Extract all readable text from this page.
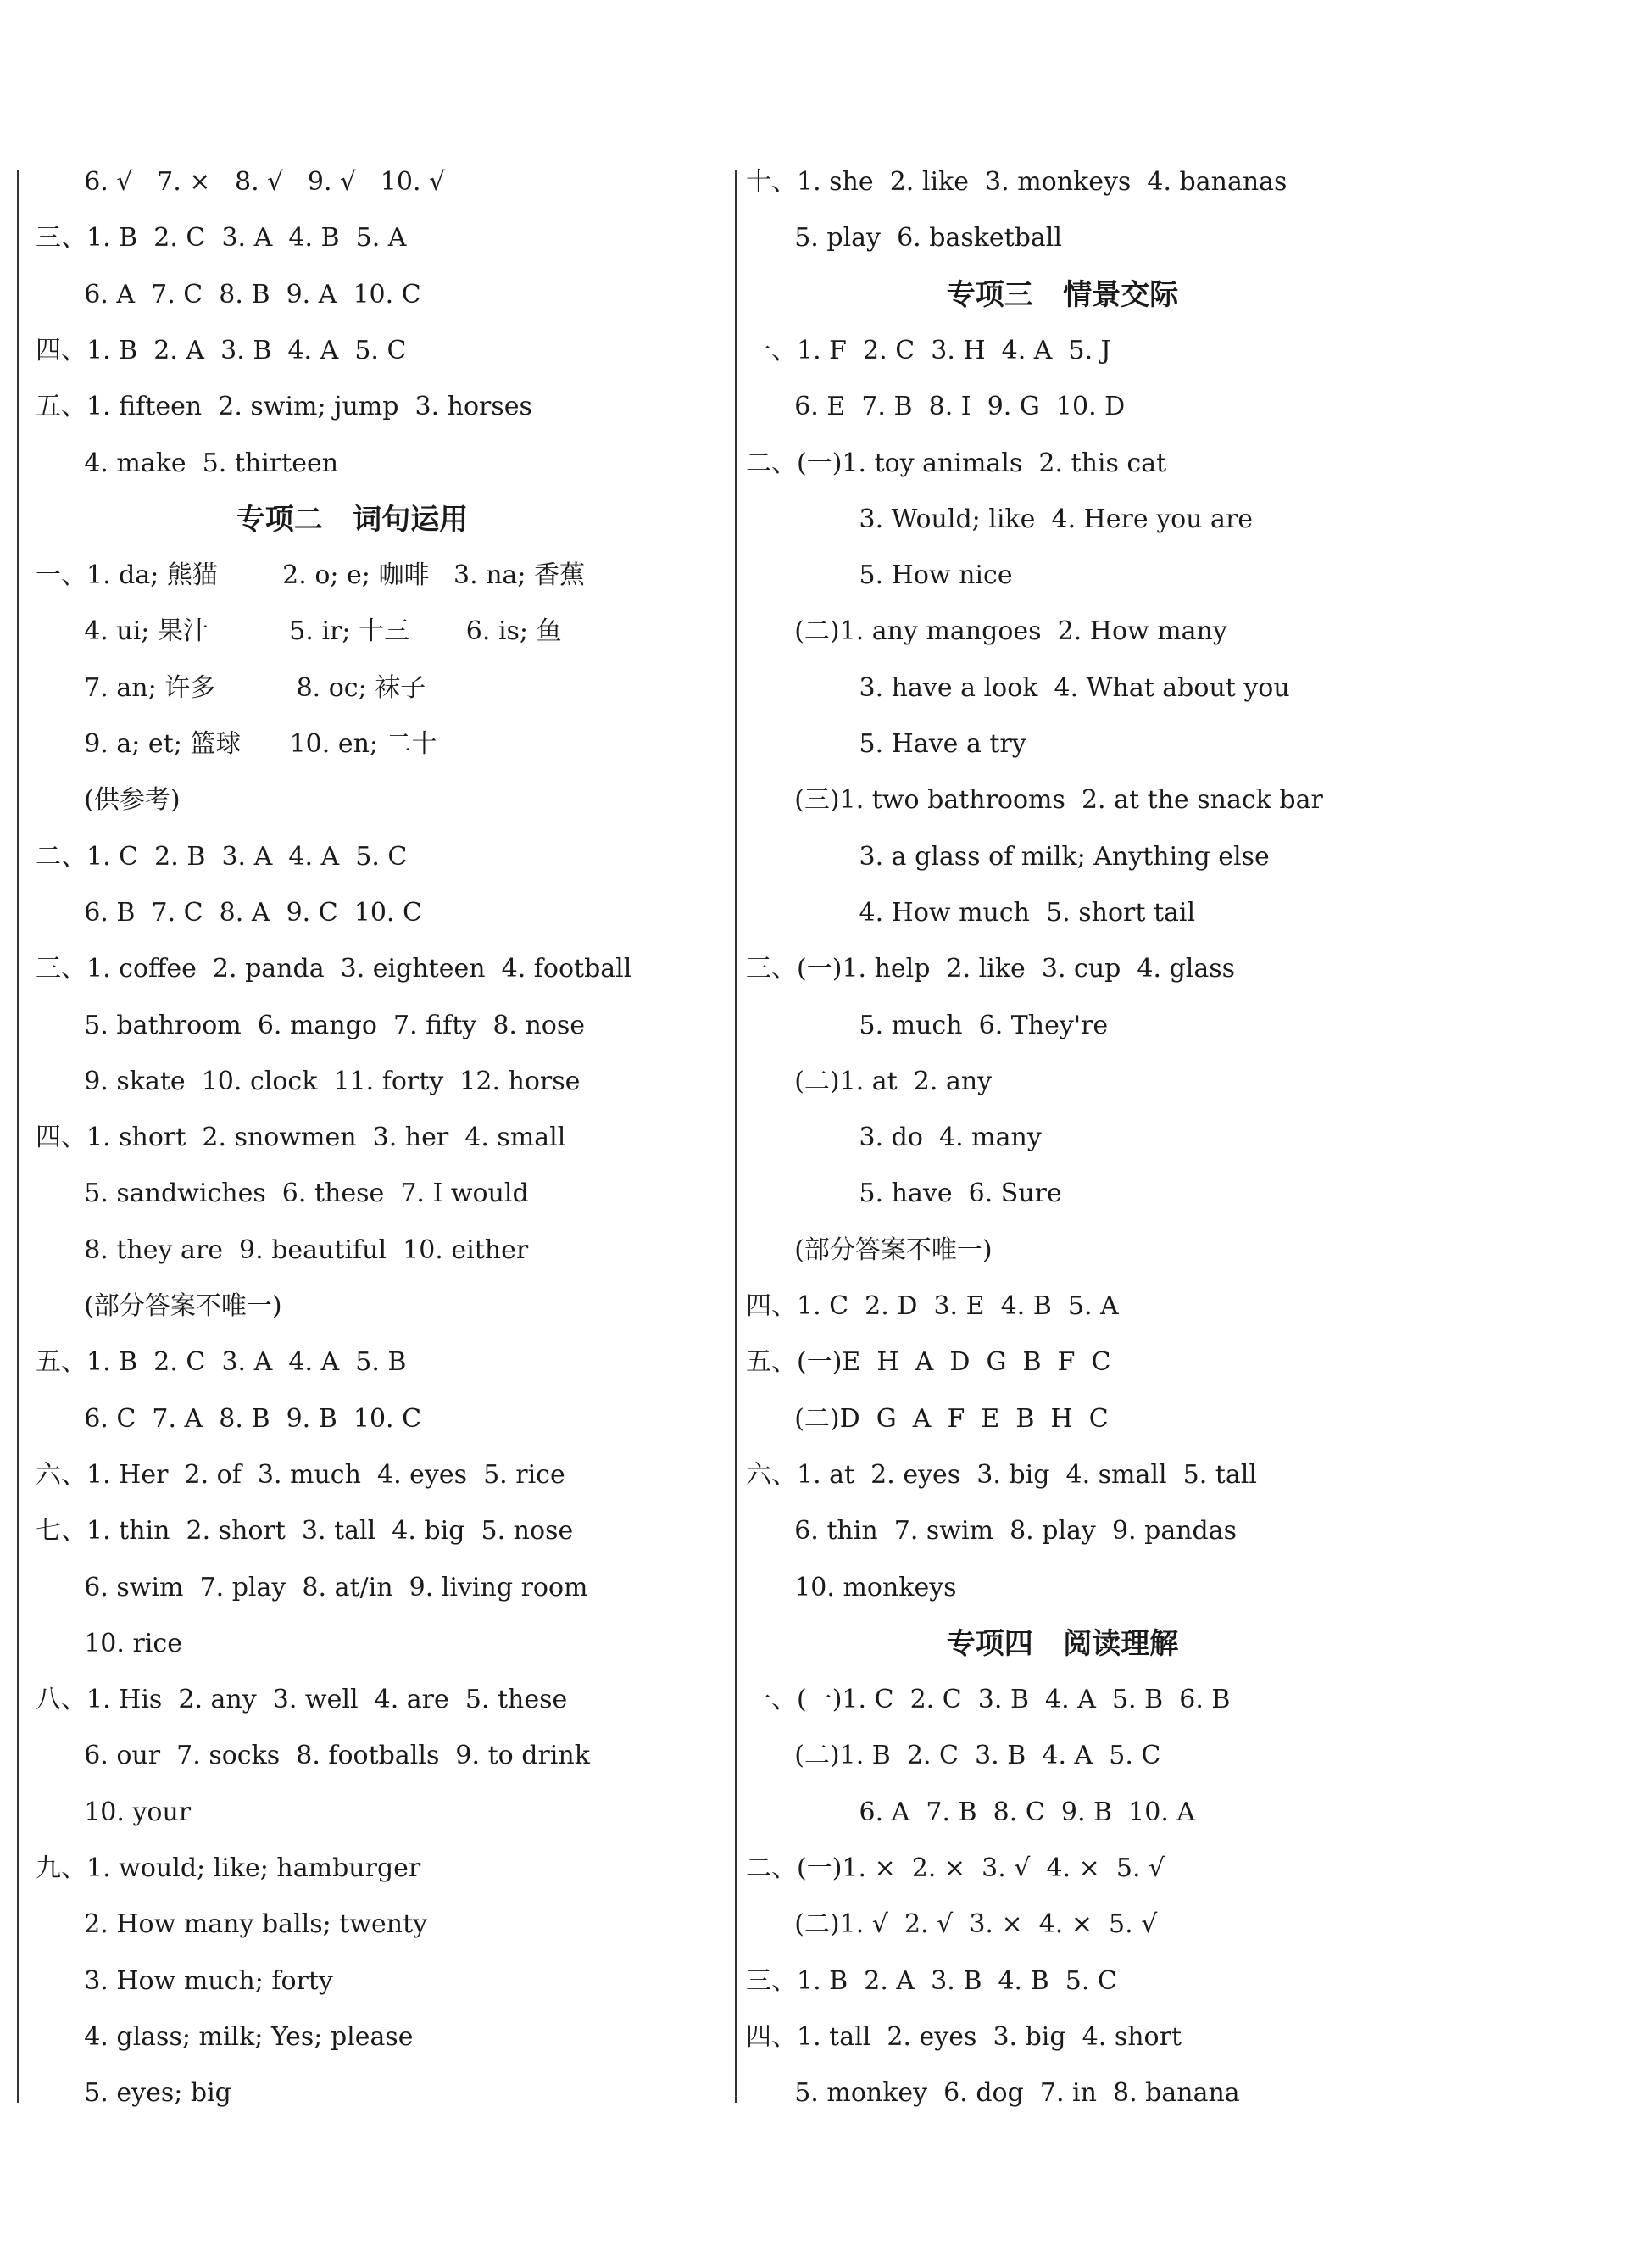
6. √   7. ×   8. √   9. √   10. √
三、1. B  2. C  3. A  4. B  5. A
6. A  7. C  8. B  9. A  10. C
四、1. B  2. A  3. B  4. A  5. C
五、1. fifteen  2. swim; jump  3. horses
4. make  5. thirteen
专项二   词句运用
一、1. da; 熊猫        2. o; e; 咖啡   3. na; 香蕉
4. ui; 果汁          5. ir; 十三       6. is; 鱼
7. an; 许多          8. oc; 袜子
9. a; et; 篮球      10. en; 二十
(供参考)
二、1. C  2. B  3. A  4. A  5. C
6. B  7. C  8. A  9. C  10. C
三、1. coffee  2. panda  3. eighteen  4. football
5. bathroom  6. mango  7. fifty  8. nose
9. skate  10. clock  11. forty  12. horse
四、1. short  2. snowmen  3. her  4. small
5. sandwiches  6. these  7. I would
8. they are  9. beautiful  10. either
(部分答案不唯一)
五、1. B  2. C  3. A  4. A  5. B
6. C  7. A  8. B  9. B  10. C
六、1. Her  2. of  3. much  4. eyes  5. rice
七、1. thin  2. short  3. tall  4. big  5. nose
6. swim  7. play  8. at/in  9. living room
10. rice
八、1. His  2. any  3. well  4. are  5. these
6. our  7. socks  8. footballs  9. to drink
10. your
九、1. would; like; hamburger
2. How many balls; twenty
3. How much; forty
4. glass; milk; Yes; please
5. eyes; big
十、1. she  2. like  3. monkeys  4. bananas
5. play  6. basketball
专项三   情景交际
一、1. F  2. C  3. H  4. A  5. J
6. E  7. B  8. I  9. G  10. D
二、(一)1. toy animals  2. this cat
3. Would; like  4. Here you are
5. How nice
(二)1. any mangoes  2. How many
3. have a look  4. What about you
5. Have a try
(三)1. two bathrooms  2. at the snack bar
3. a glass of milk; Anything else
4. How much  5. short tail
三、(一)1. help  2. like  3. cup  4. glass
5. much  6. They're
(二)1. at  2. any
3. do  4. many
5. have  6. Sure
(部分答案不唯一)
四、1. C  2. D  3. E  4. B  5. A
五、(一)E  H  A  D  G  B  F  C
(二)D  G  A  F  E  B  H  C
六、1. at  2. eyes  3. big  4. small  5. tall
6. thin  7. swim  8. play  9. pandas
10. monkeys
专项四   阅读理解
一、(一)1. C  2. C  3. B  4. A  5. B  6. B
(二)1. B  2. C  3. B  4. A  5. C
6. A  7. B  8. C  9. B  10. A
二、(一)1. ×  2. ×  3. √  4. ×  5. √
(二)1. √  2. √  3. ×  4. ×  5. √
三、1. B  2. A  3. B  4. B  5. C
四、1. tall  2. eyes  3. big  4. short
5. monkey  6. dog  7. in  8. banana
